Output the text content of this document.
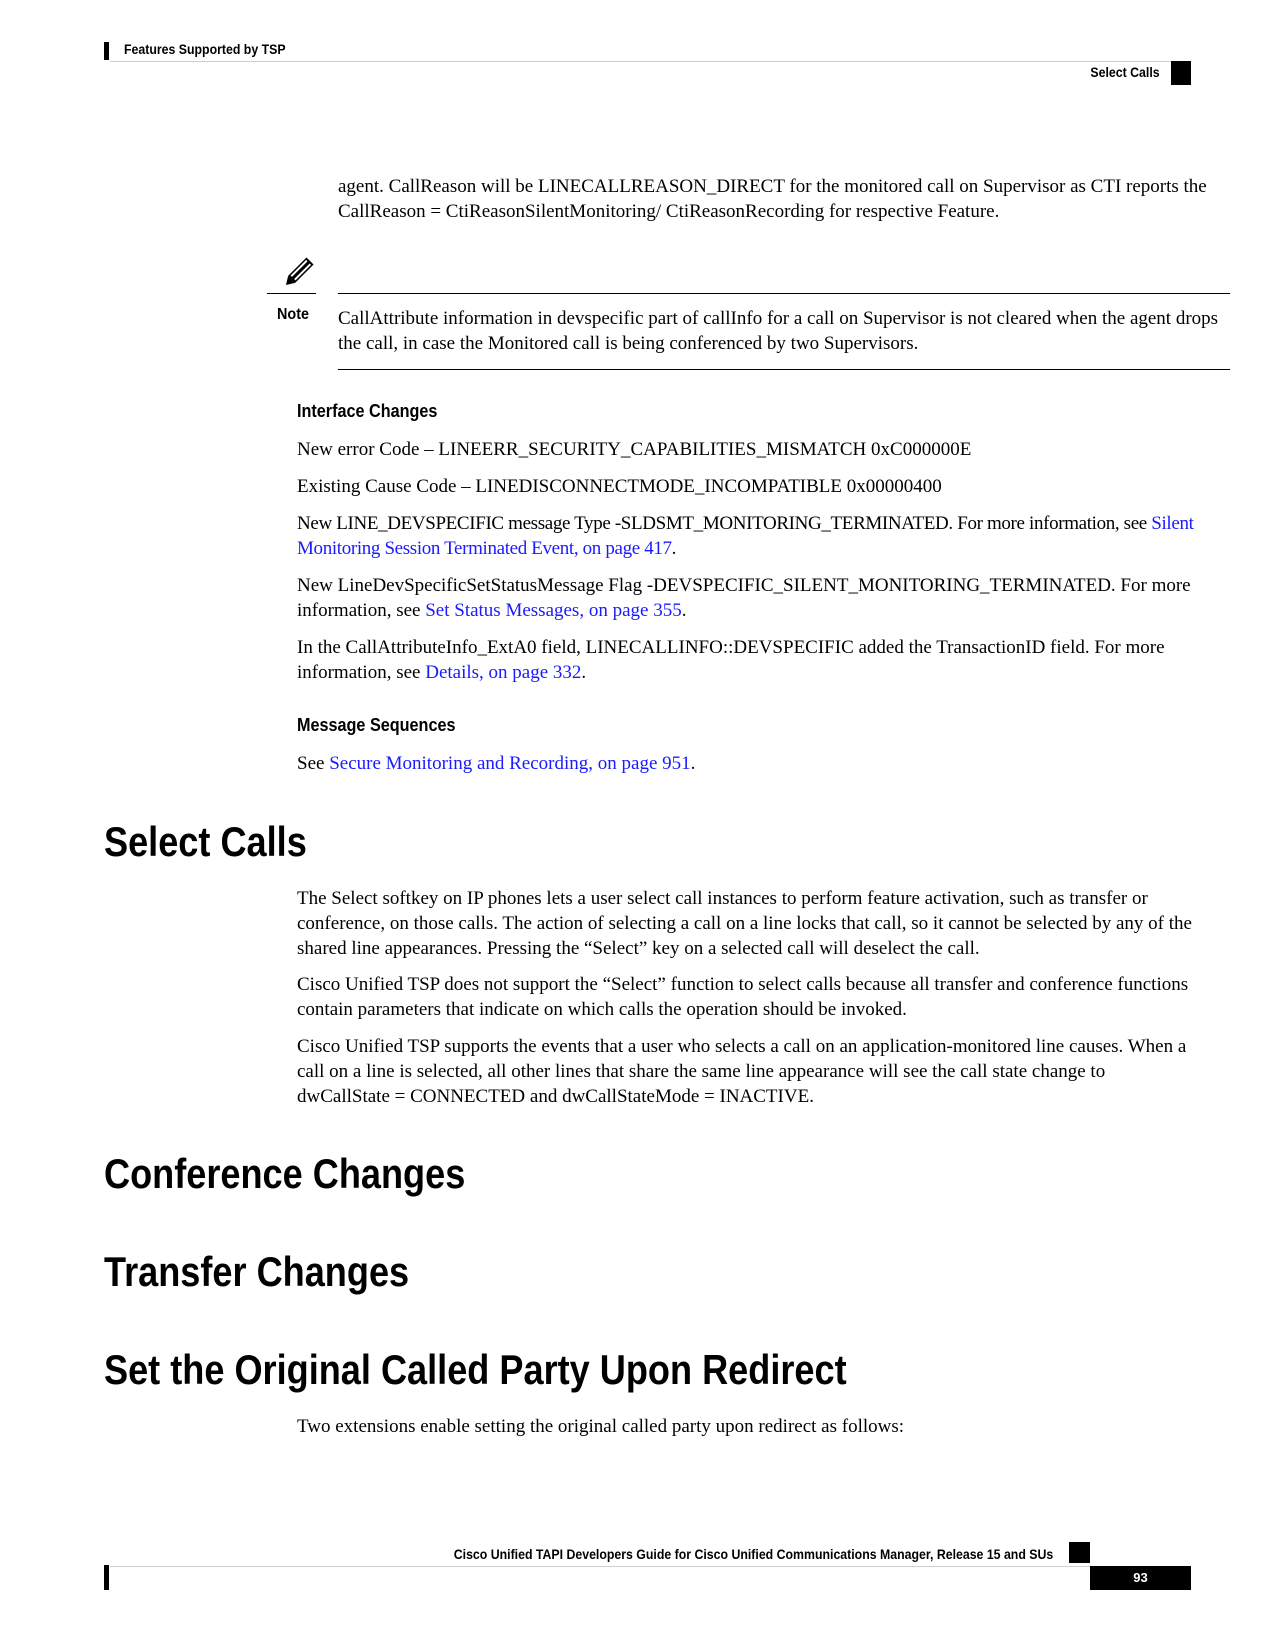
Features Supported by TSP
Select Calls

agent. CallReason will be LINECALLREASON_DIRECT for the monitored call on Supervisor as CTI reports the CallReason = CtiReasonSilentMonitoring/ CtiReasonRecording for respective Feature.

Note CallAttribute information in devspecific part of callInfo for a call on Supervisor is not cleared when the agent drops the call, in case the Monitored call is being conferenced by two Supervisors.

Interface Changes

New error Code – LINEERR_SECURITY_CAPABILITIES_MISMATCH 0xC000000E

Existing Cause Code – LINEDISCONNECTMODE_INCOMPATIBLE 0x00000400

New LINE_DEVSPECIFIC message Type -SLDSMT_MONITORING_TERMINATED. For more information, see Silent Monitoring Session Terminated Event, on page 417.

New LineDevSpecificSetStatusMessage Flag -DEVSPECIFIC_SILENT_MONITORING_TERMINATED. For more information, see Set Status Messages, on page 355.

In the CallAttributeInfo_ExtA0 field, LINECALLINFO::DEVSPECIFIC added the TransactionID field. For more information, see Details, on page 332.

Message Sequences

See Secure Monitoring and Recording, on page 951.

Select Calls

The Select softkey on IP phones lets a user select call instances to perform feature activation, such as transfer or conference, on those calls. The action of selecting a call on a line locks that call, so it cannot be selected by any of the shared line appearances. Pressing the “Select” key on a selected call will deselect the call.

Cisco Unified TSP does not support the “Select” function to select calls because all transfer and conference functions contain parameters that indicate on which calls the operation should be invoked.

Cisco Unified TSP supports the events that a user who selects a call on an application-monitored line causes. When a call on a line is selected, all other lines that share the same line appearance will see the call state change to dwCallState = CONNECTED and dwCallStateMode = INACTIVE.

Conference Changes
Transfer Changes
Set the Original Called Party Upon Redirect

Two extensions enable setting the original called party upon redirect as follows:

Cisco Unified TAPI Developers Guide for Cisco Unified Communications Manager, Release 15 and SUs
93
